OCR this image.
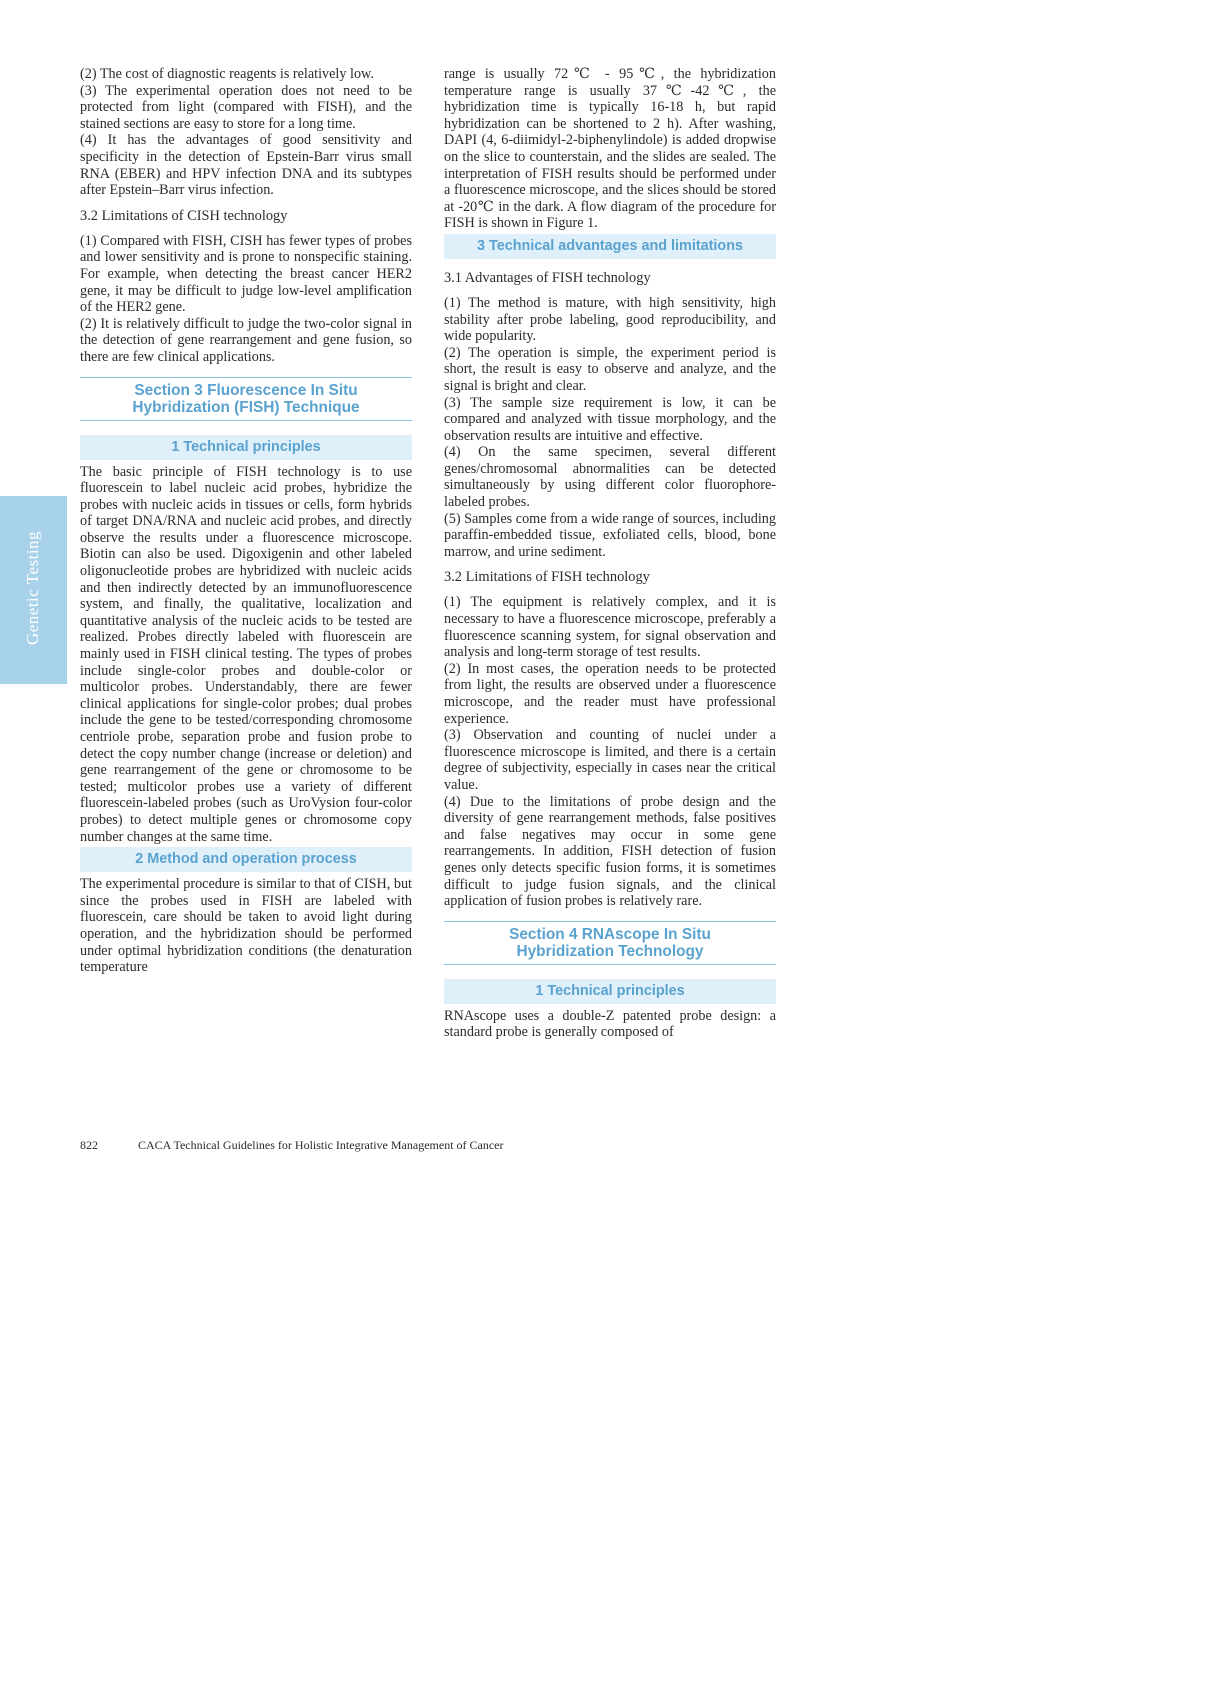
Genetic Testing

(2) The cost of diagnostic reagents is relatively low.

(3) The experimental operation does not need to be protected from light (compared with FISH), and the stained sections are easy to store for a long time.

(4) It has the advantages of good sensitivity and specificity in the detection of Epstein-Barr virus small RNA (EBER) and HPV infection DNA and its subtypes after Epstein–Barr virus infection.

3.2 Limitations of CISH technology

(1) Compared with FISH, CISH has fewer types of probes and lower sensitivity and is prone to nonspecific staining. For example, when detecting the breast cancer HER2 gene, it may be difficult to judge low-level amplification of the HER2 gene.

(2) It is relatively difficult to judge the two-color signal in the detection of gene rearrangement and gene fusion, so there are few clinical applications.

Section 3 Fluorescence In Situ
Hybridization (FISH) Technique
1 Technical principles

The basic principle of FISH technology is to use fluorescein to label nucleic acid probes, hybridize the probes with nucleic acids in tissues or cells, form hybrids of target DNA/RNA and nucleic acid probes, and directly observe the results under a fluorescence microscope. Biotin can also be used. Digoxigenin and other labeled oligonucleotide probes are hybridized with nucleic acids and then indirectly detected by an immunofluorescence system, and finally, the qualitative, localization and quantitative analysis of the nucleic acids to be tested are realized. Probes directly labeled with fluorescein are mainly used in FISH clinical testing. The types of probes include single-color probes and double-color or multicolor probes. Understandably, there are fewer clinical applications for single-color probes; dual probes include the gene to be tested/corresponding chromosome centriole probe, separation probe and fusion probe to detect the copy number change (increase or deletion) and gene rearrangement of the gene or chromosome to be tested; multicolor probes use a variety of different fluorescein-labeled probes (such as UroVysion four-color probes) to detect multiple genes or chromosome copy number changes at the same time.

2 Method and operation process

The experimental procedure is similar to that of CISH, but since the probes used in FISH are labeled with fluorescein, care should be taken to avoid light during operation, and the hybridization should be performed under optimal hybridization conditions (the denaturation temperature

range is usually 72℃ - 95℃, the hybridization temperature range is usually 37℃-42℃, the hybridization time is typically 16-18 h, but rapid hybridization can be shortened to 2 h). After washing, DAPI (4, 6-diimidyl-2-biphenylindole) is added dropwise on the slice to counterstain, and the slides are sealed. The interpretation of FISH results should be performed under a fluorescence microscope, and the slices should be stored at -20℃ in the dark. A flow diagram of the procedure for FISH is shown in Figure 1.

3 Technical advantages and limitations
3.1 Advantages of FISH technology

(1) The method is mature, with high sensitivity, high stability after probe labeling, good reproducibility, and wide popularity.

(2) The operation is simple, the experiment period is short, the result is easy to observe and analyze, and the signal is bright and clear.

(3) The sample size requirement is low, it can be compared and analyzed with tissue morphology, and the observation results are intuitive and effective.

(4) On the same specimen, several different genes/chromosomal abnormalities can be detected simultaneously by using different color fluorophore-labeled probes.

(5) Samples come from a wide range of sources, including paraffin-embedded tissue, exfoliated cells, blood, bone marrow, and urine sediment.

3.2 Limitations of FISH technology

(1) The equipment is relatively complex, and it is necessary to have a fluorescence microscope, preferably a fluorescence scanning system, for signal observation and analysis and long-term storage of test results.

(2) In most cases, the operation needs to be protected from light, the results are observed under a fluorescence microscope, and the reader must have professional experience.

(3) Observation and counting of nuclei under a fluorescence microscope is limited, and there is a certain degree of subjectivity, especially in cases near the critical value.

(4) Due to the limitations of probe design and the diversity of gene rearrangement methods, false positives and false negatives may occur in some gene rearrangements. In addition, FISH detection of fusion genes only detects specific fusion forms, it is sometimes difficult to judge fusion signals, and the clinical application of fusion probes is relatively rare.

Section 4 RNAscope In Situ
Hybridization Technology
1 Technical principles

RNAscope uses a double-Z patented probe design: a standard probe is generally composed of

822	CACA Technical Guidelines for Holistic Integrative Management of Cancer
